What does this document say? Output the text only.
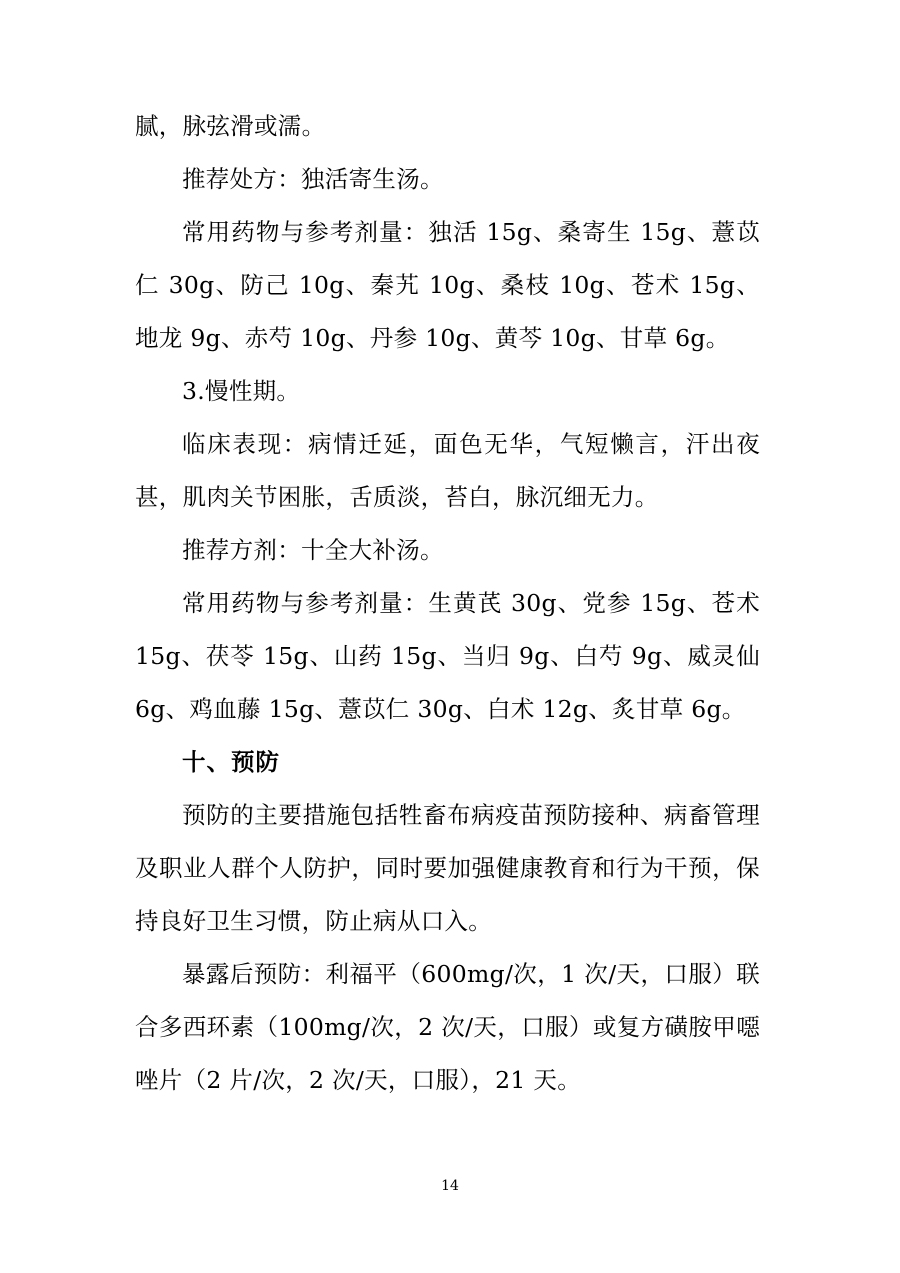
腻，脉弦滑或濡。

推荐处方：独活寄生汤。

常用药物与参考剂量：独活 15g、桑寄生 15g、薏苡仁 30g、防己 10g、秦艽 10g、桑枝 10g、苍术 15g、地龙 9g、赤芍 10g、丹参 10g、黄芩 10g、甘草 6g。

3.慢性期。

临床表现：病情迁延，面色无华，气短懒言，汗出夜甚，肌肉关节困胀，舌质淡，苔白，脉沉细无力。

推荐方剂：十全大补汤。

常用药物与参考剂量：生黄芪 30g、党参 15g、苍术 15g、茯苓 15g、山药 15g、当归 9g、白芍 9g、威灵仙 6g、鸡血藤 15g、薏苡仁 30g、白术 12g、炙甘草 6g。

十、预防

预防的主要措施包括牲畜布病疫苗预防接种、病畜管理及职业人群个人防护，同时要加强健康教育和行为干预，保持良好卫生习惯，防止病从口入。

暴露后预防：利福平（600mg/次，1 次/天，口服）联合多西环素（100mg/次，2 次/天，口服）或复方磺胺甲噁唑片（2 片/次，2 次/天，口服），21 天。

14
